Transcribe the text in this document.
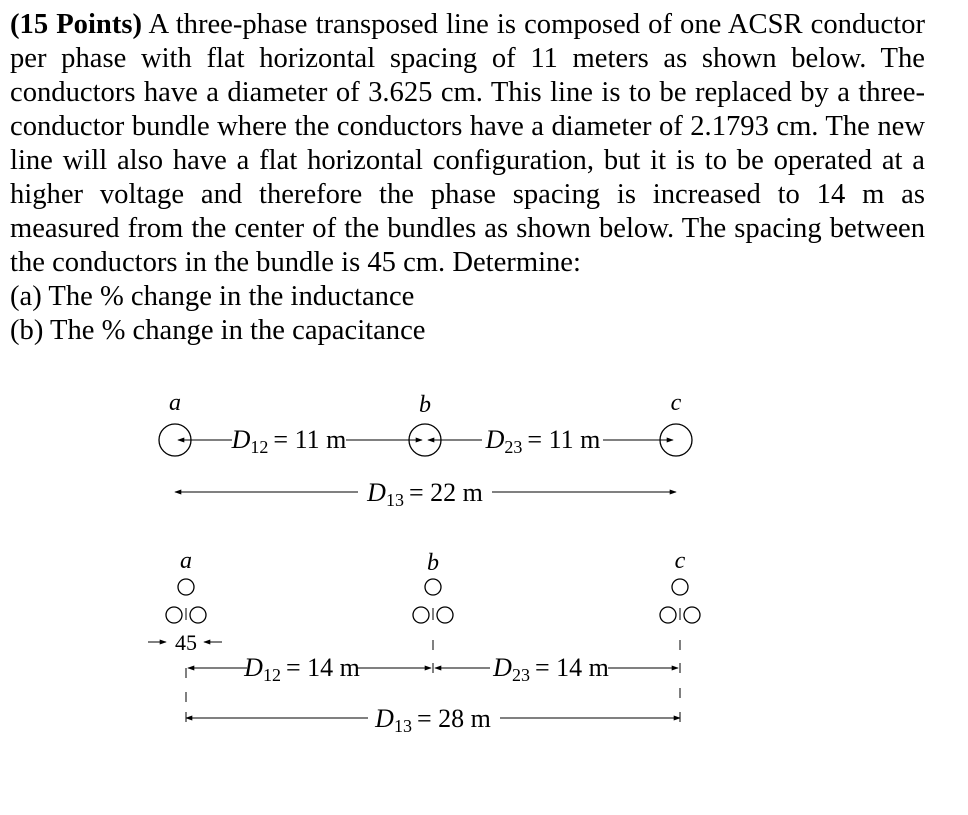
(15 Points) A three-phase transposed line is composed of one ACSR conductor per phase with flat horizontal spacing of 11 meters as shown below. The conductors have a diameter of 3.625 cm. This line is to be replaced by a three-conductor bundle where the conductors have a diameter of 2.1793 cm. The new line will also have a flat horizontal configuration, but it is to be operated at a higher voltage and therefore the phase spacing is increased to 14 m as measured from the center of the bundles as shown below. The spacing between the conductors in the bundle is 45 cm. Determine:

(a) The % change in the inductance

(b) The % change in the capacitance

a	b	c
D12 = 11 m	D23 = 11 m
D13 = 22 m
a	b	c
45
D12 = 14 m	D23 = 14 m
D13 = 28 m
